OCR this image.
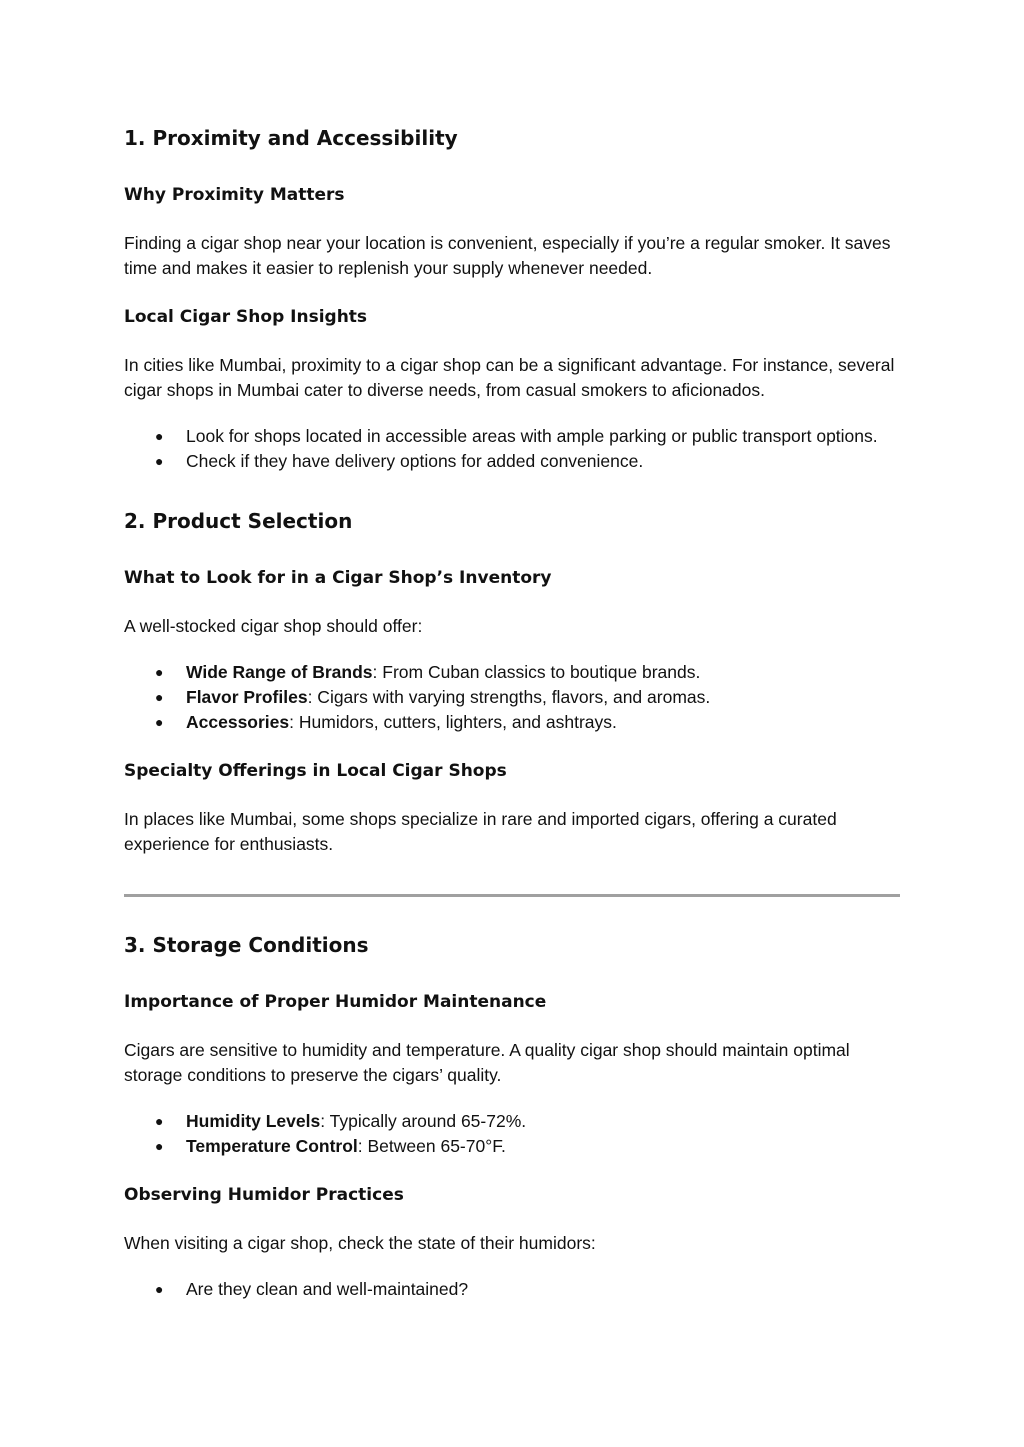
1. Proximity and Accessibility
Why Proximity Matters

Finding a cigar shop near your location is convenient, especially if you’re a regular smoker. It saves time and makes it easier to replenish your supply whenever needed.

Local Cigar Shop Insights

In cities like Mumbai, proximity to a cigar shop can be a significant advantage. For instance, several cigar shops in Mumbai cater to diverse needs, from casual smokers to aficionados.

● Look for shops located in accessible areas with ample parking or public transport options.
● Check if they have delivery options for added convenience.
2. Product Selection
What to Look for in a Cigar Shop’s Inventory

A well-stocked cigar shop should offer:

● Wide Range of Brands: From Cuban classics to boutique brands.
● Flavor Profiles: Cigars with varying strengths, flavors, and aromas.
● Accessories: Humidors, cutters, lighters, and ashtrays.
Specialty Offerings in Local Cigar Shops

In places like Mumbai, some shops specialize in rare and imported cigars, offering a curated experience for enthusiasts.

3. Storage Conditions
Importance of Proper Humidor Maintenance

Cigars are sensitive to humidity and temperature. A quality cigar shop should maintain optimal storage conditions to preserve the cigars’ quality.

● Humidity Levels: Typically around 65-72%.
● Temperature Control: Between 65-70°F.
Observing Humidor Practices

When visiting a cigar shop, check the state of their humidors:

● Are they clean and well-maintained?
